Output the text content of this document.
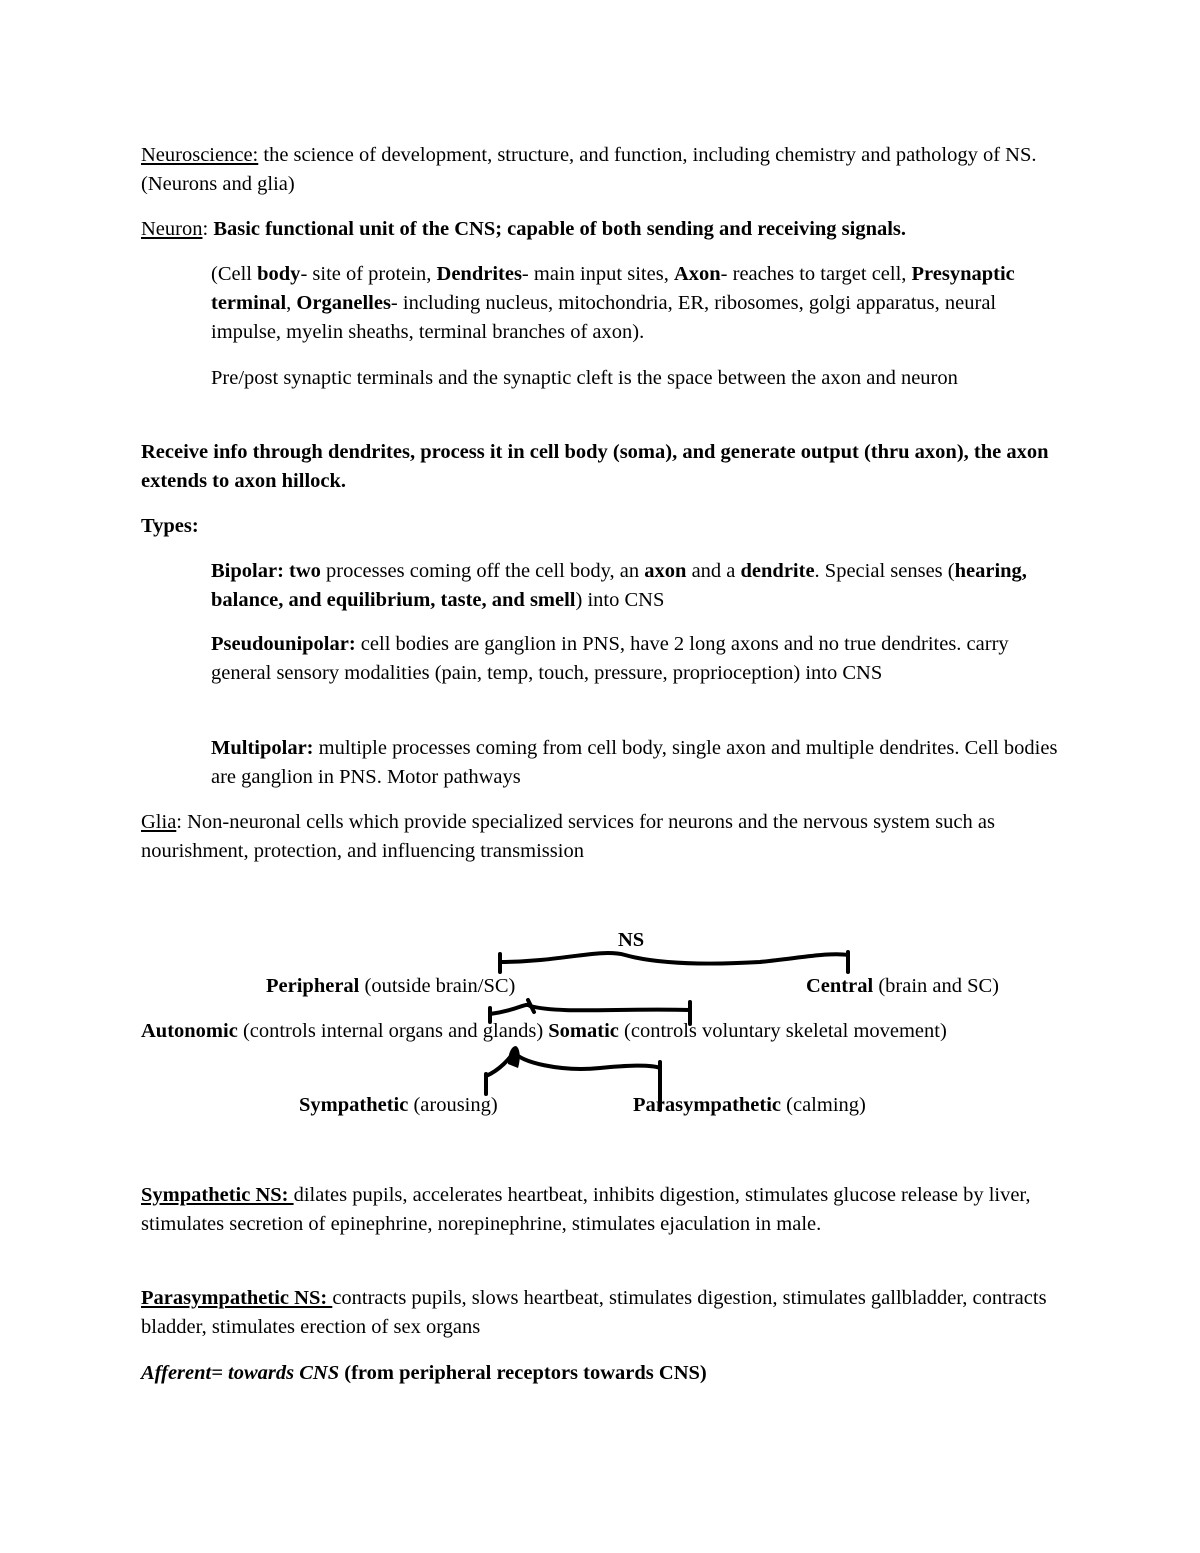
Neuroscience: the science of development, structure, and function, including chemistry and pathology of NS. (Neurons and glia)

Neuron: Basic functional unit of the CNS; capable of both sending and receiving signals.

(Cell body- site of protein, Dendrites- main input sites, Axon- reaches to target cell, Presynaptic terminal, Organelles- including nucleus, mitochondria, ER, ribosomes, golgi apparatus, neural impulse, myelin sheaths, terminal branches of axon).

Pre/post synaptic terminals and the synaptic cleft is the space between the axon and neuron

Receive info through dendrites, process it in cell body (soma), and generate output (thru axon), the axon extends to axon hillock.

Types:

Bipolar: two processes coming off the cell body, an axon and a dendrite. Special senses (hearing, balance, and equilibrium, taste, and smell) into CNS

Pseudounipolar: cell bodies are ganglion in PNS, have 2 long axons and no true dendrites. carry general sensory modalities (pain, temp, touch, pressure, proprioception) into CNS

Multipolar: multiple processes coming from cell body, single axon and multiple dendrites. Cell bodies are ganglion in PNS. Motor pathways

Glia: Non-neuronal cells which provide specialized services for neurons and the nervous system such as nourishment, protection, and influencing transmission

NS
Peripheral (outside brain/SC)	Central (brain and SC)

Autonomic (controls internal organs and glands) Somatic (controls voluntary skeletal movement)

Sympathetic (arousing)	Parasympathetic (calming)

Sympathetic NS: dilates pupils, accelerates heartbeat, inhibits digestion, stimulates glucose release by liver, stimulates secretion of epinephrine, norepinephrine, stimulates ejaculation in male.

Parasympathetic NS: contracts pupils, slows heartbeat, stimulates digestion, stimulates gallbladder, contracts bladder, stimulates erection of sex organs

Afferent= towards CNS (from peripheral receptors towards CNS)
